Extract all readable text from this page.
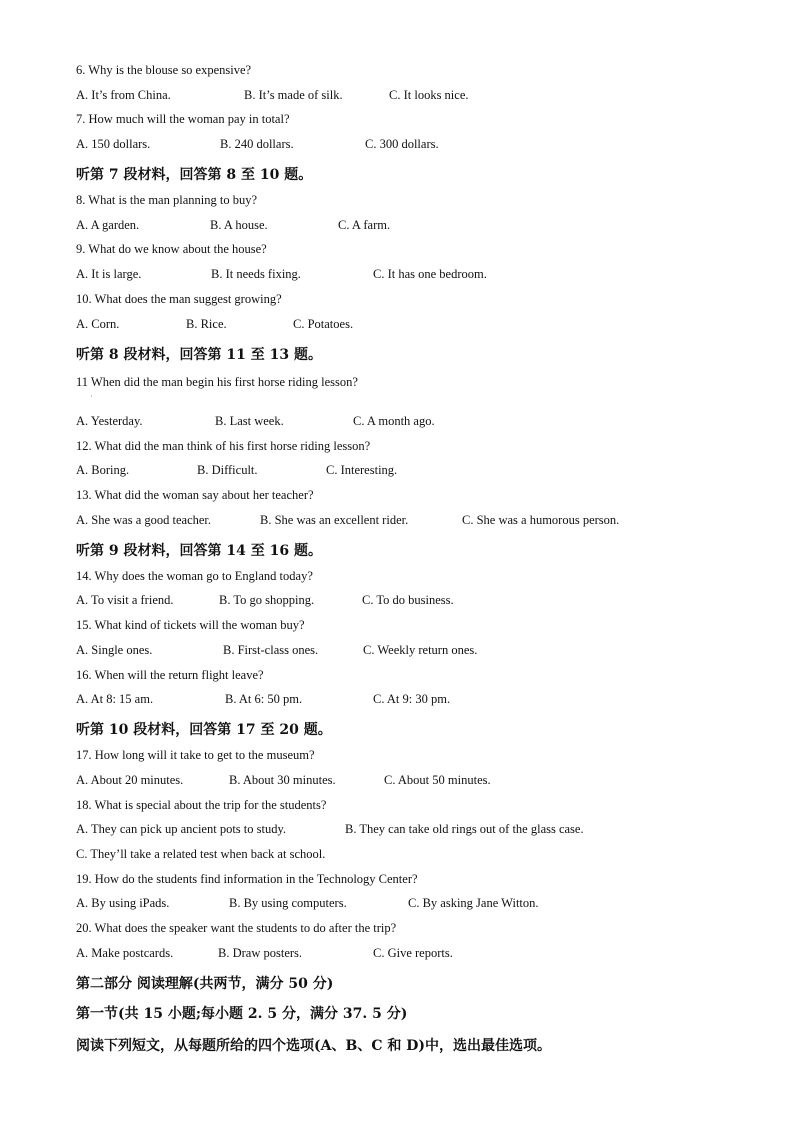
6. Why is the blouse so expensive?
A. It’s from China.	B. It’s made of silk.	C. It looks nice.
7. How much will the woman pay in total?
A. 150 dollars.	B. 240 dollars.	C. 300 dollars.
听第 7 段材料，回答第 8 至 10 题。
8. What is the man planning to buy?
A. A garden.	B. A house.	C. A farm.
9. What do we know about the house?
A. It is large.	B. It needs fixing.	C. It has one bedroom.
10. What does the man suggest growing?
A. Corn.	B. Rice.	C. Potatoes.
听第 8 段材料，回答第 11 至 13 题。
11 When did the man begin his first horse riding lesson?
A. Yesterday.	B. Last week.	C. A month ago.
12. What did the man think of his first horse riding lesson?
A. Boring.	B. Difficult.	C. Interesting.
13. What did the woman say about her teacher?
A. She was a good teacher.	B. She was an excellent rider.	C. She was a humorous person.
听第 9 段材料，回答第 14 至 16 题。
14. Why does the woman go to England today?
A. To visit a friend.	B. To go shopping.	C. To do business.
15. What kind of tickets will the woman buy?
A. Single ones.	B. First-class ones.	C. Weekly return ones.
16. When will the return flight leave?
A. At 8: 15 am.	B. At 6: 50 pm.	C. At 9: 30 pm.
听第 10 段材料，回答第 17 至 20 题。
17. How long will it take to get to the museum?
A. About 20 minutes.	B. About 30 minutes.	C. About 50 minutes.
18. What is special about the trip for the students?
A. They can pick up ancient pots to study.	B. They can take old rings out of the glass case.
C. They’ll take a related test when back at school.
19. How do the students find information in the Technology Center?
A. By using iPads.	B. By using computers.	C. By asking Jane Witton.
20. What does the speaker want the students to do after the trip?
A. Make postcards.	B. Draw posters.	C. Give reports.
第二部分 阅读理解(共两节，满分 50 分)
第一节(共 15 小题;每小题 2. 5 分，满分 37. 5 分)
阅读下列短文，从每题所给的四个选项(A、B、C 和 D)中，选出最佳选项。
·
